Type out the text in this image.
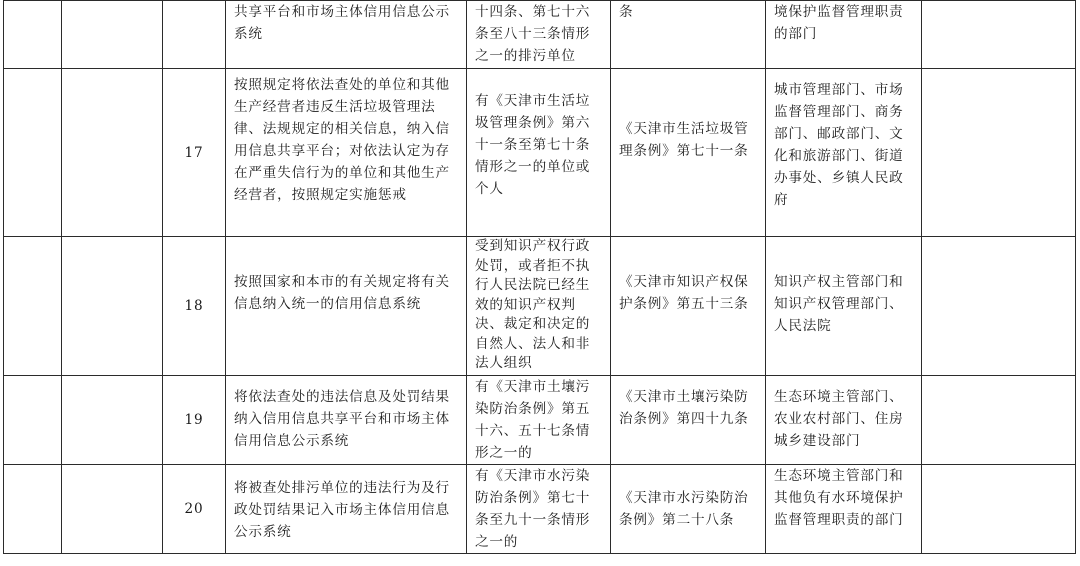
			共享平台和市场主体信用信息公示系统	十四条、第七十六条至八十三条情形之一的排污单位	条	境保护监督管理职责的部门	

		17	按照规定将依法查处的单位和其他生产经营者违反生活垃圾管理法律、法规规定的相关信息，纳入信用信息共享平台；对依法认定为存在严重失信行为的单位和其他生产经营者，按照规定实施惩戒	有《天津市生活垃圾管理条例》第六十一条至第七十条情形之一的单位或个人	《天津市生活垃圾管理条例》第七十一条	城市管理部门、市场监督管理部门、商务部门、邮政部门、文化和旅游部门、街道办事处、乡镇人民政府	

		18	按照国家和本市的有关规定将有关信息纳入统一的信用信息系统	受到知识产权行政处罚，或者拒不执行人民法院已经生效的知识产权判决、裁定和决定的自然人、法人和非法人组织	《天津市知识产权保护条例》第五十三条	知识产权主管部门和知识产权管理部门、人民法院	

		19	将依法查处的违法信息及处罚结果纳入信用信息共享平台和市场主体信用信息公示系统	有《天津市土壤污染防治条例》第五十六、五十七条情形之一的	《天津市土壤污染防治条例》第四十九条	生态环境主管部门、农业农村部门、住房城乡建设部门	

		20	将被查处排污单位的违法行为及行政处罚结果记入市场主体信用信息公示系统	有《天津市水污染防治条例》第七十条至九十一条情形之一的	《天津市水污染防治条例》第二十八条	生态环境主管部门和其他负有水环境保护监督管理职责的部门	
